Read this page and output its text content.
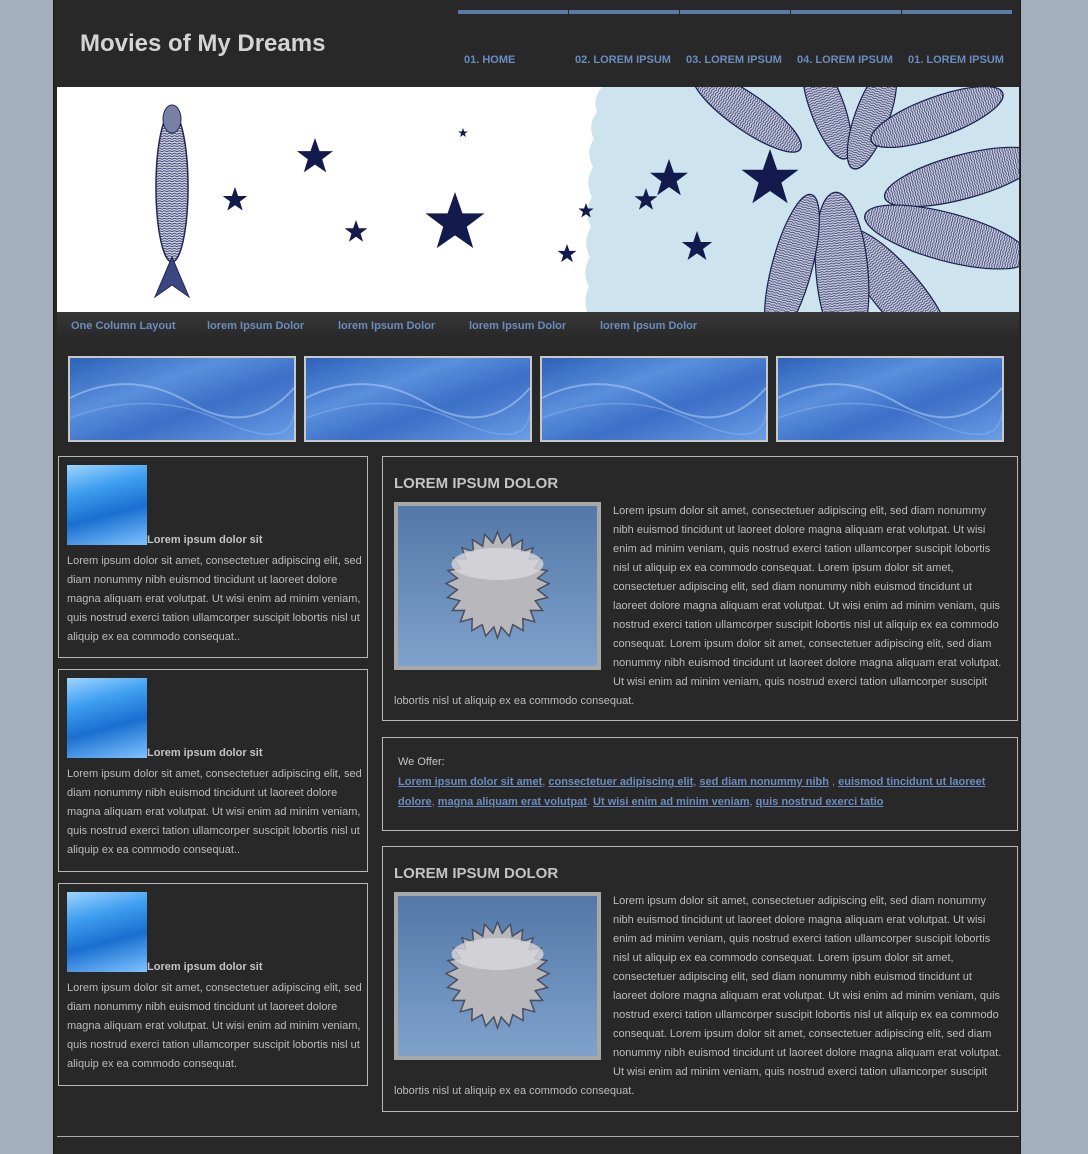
Movies of My Dreams
01. HOME	02. LOREM IPSUM	03. LOREM IPSUM	04. LOREM IPSUM	01. LOREM IPSUM
One Column Layout	lorem Ipsum Dolor	lorem Ipsum Dolor	lorem Ipsum Dolor	lorem Ipsum Dolor
Lorem ipsum dolor sit

Lorem ipsum dolor sit amet, consectetuer adipiscing elit, sed diam nonummy nibh euismod tincidunt ut laoreet dolore magna aliquam erat volutpat. Ut wisi enim ad minim veniam, quis nostrud exerci tation ullamcorper suscipit lobortis nisl ut aliquip ex ea commodo consequat..

Lorem ipsum dolor sit

Lorem ipsum dolor sit amet, consectetuer adipiscing elit, sed diam nonummy nibh euismod tincidunt ut laoreet dolore magna aliquam erat volutpat. Ut wisi enim ad minim veniam, quis nostrud exerci tation ullamcorper suscipit lobortis nisl ut aliquip ex ea commodo consequat..

Lorem ipsum dolor sit

Lorem ipsum dolor sit amet, consectetuer adipiscing elit, sed diam nonummy nibh euismod tincidunt ut laoreet dolore magna aliquam erat volutpat. Ut wisi enim ad minim veniam, quis nostrud exerci tation ullamcorper suscipit lobortis nisl ut aliquip ex ea commodo consequat.

LOREM IPSUM DOLOR

Lorem ipsum dolor sit amet, consectetuer adipiscing elit, sed diam nonummy nibh euismod tincidunt ut laoreet dolore magna aliquam erat volutpat. Ut wisi enim ad minim veniam, quis nostrud exerci tation ullamcorper suscipit lobortis nisl ut aliquip ex ea commodo consequat. Lorem ipsum dolor sit amet, consectetuer adipiscing elit, sed diam nonummy nibh euismod tincidunt ut laoreet dolore magna aliquam erat volutpat. Ut wisi enim ad minim veniam, quis nostrud exerci tation ullamcorper suscipit lobortis nisl ut aliquip ex ea commodo consequat. Lorem ipsum dolor sit amet, consectetuer adipiscing elit, sed diam nonummy nibh euismod tincidunt ut laoreet dolore magna aliquam erat volutpat. Ut wisi enim ad minim veniam, quis nostrud exerci tation ullamcorper suscipit lobortis nisl ut aliquip ex ea commodo consequat.

We Offer:

Lorem ipsum dolor sit amet, consectetuer adipiscing elit, sed diam nonummy nibh , euismod tincidunt ut laoreet dolore, magna aliquam erat volutpat. Ut wisi enim ad minim veniam, quis nostrud exerci tatio

LOREM IPSUM DOLOR

Lorem ipsum dolor sit amet, consectetuer adipiscing elit, sed diam nonummy nibh euismod tincidunt ut laoreet dolore magna aliquam erat volutpat. Ut wisi enim ad minim veniam, quis nostrud exerci tation ullamcorper suscipit lobortis nisl ut aliquip ex ea commodo consequat. Lorem ipsum dolor sit amet, consectetuer adipiscing elit, sed diam nonummy nibh euismod tincidunt ut laoreet dolore magna aliquam erat volutpat. Ut wisi enim ad minim veniam, quis nostrud exerci tation ullamcorper suscipit lobortis nisl ut aliquip ex ea commodo consequat. Lorem ipsum dolor sit amet, consectetuer adipiscing elit, sed diam nonummy nibh euismod tincidunt ut laoreet dolore magna aliquam erat volutpat. Ut wisi enim ad minim veniam, quis nostrud exerci tation ullamcorper suscipit lobortis nisl ut aliquip ex ea commodo consequat.
